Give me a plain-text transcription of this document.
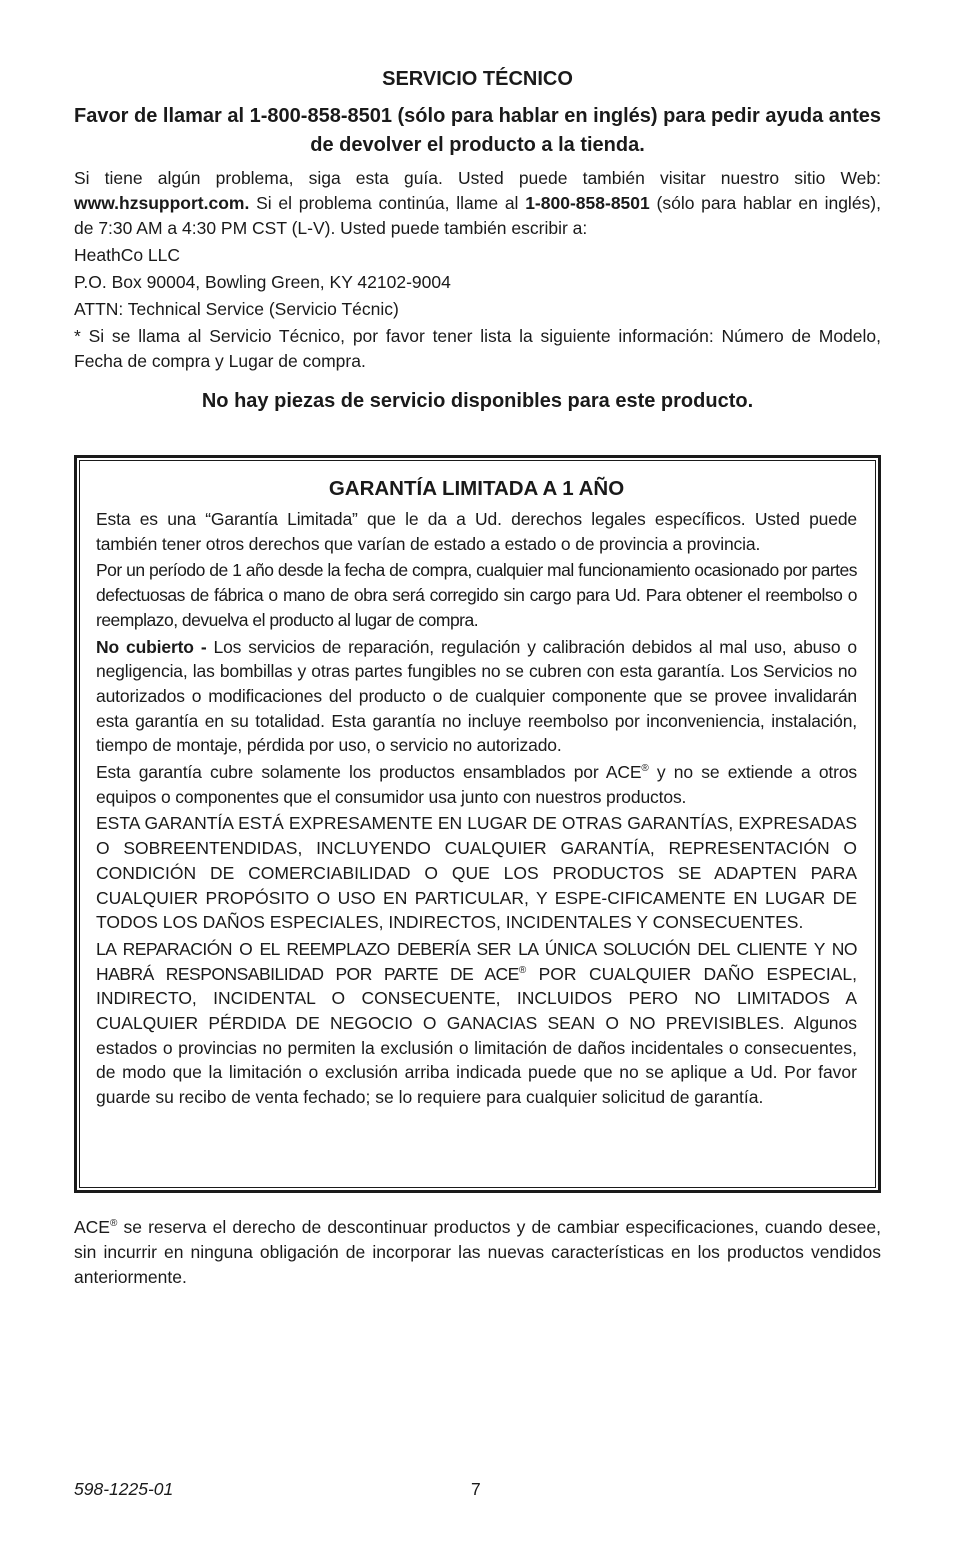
SERVICIO TÉCNICO
Favor de llamar al 1-800-858-8501 (sólo para hablar en inglés) para pedir ayuda antes de devolver el producto a la tienda.

Si tiene algún problema, siga esta guía. Usted puede también visitar nuestro sitio Web: www.hzsupport.com. Si el problema continúa, llame al 1-800-858-8501 (sólo para hablar en inglés), de 7:30 AM a 4:30 PM CST (L-V). Usted puede también escribir a:

HeathCo LLC

P.O. Box 90004, Bowling Green, KY 42102-9004

ATTN: Technical Service (Servicio Técnic)

* Si se llama al Servicio Técnico, por favor tener lista la siguiente información: Número de Modelo, Fecha de compra y Lugar de compra.

No hay piezas de servicio disponibles para este producto.
GARANTÍA LIMITADA A 1 AÑO

Esta es una “Garantía Limitada” que le da a Ud. derechos legales específicos. Usted puede también tener otros derechos que varían de estado a estado o de provincia a provincia.

Por un período de 1 año desde la fecha de compra, cualquier mal funcionamiento ocasionado por partes defectuosas de fábrica o mano de obra será corregido sin cargo para Ud. Para obtener el reembolso o reemplazo, devuelva el producto al lugar de compra.

No cubierto - Los servicios de reparación, regulación y calibración debidos al mal uso, abuso o negligencia, las bombillas y otras partes fungibles no se cubren con esta garantía. Los Servicios no autorizados o modificaciones del producto o de cualquier componente que se provee invalidarán esta garantía en su totalidad. Esta garantía no incluye reembolso por inconveniencia, instalación, tiempo de montaje, pérdida por uso, o servicio no autorizado.

Esta garantía cubre solamente los productos ensamblados por ACE® y no se extiende a otros equipos o componentes que el consumidor usa junto con nuestros productos.

ESTA GARANTÍA ESTÁ EXPRESAMENTE EN LUGAR DE OTRAS GARANTÍAS, EXPRESADAS O SOBREENTENDIDAS, INCLUYENDO CUALQUIER GARANTÍA, REPRESENTACIÓN O CONDICIÓN DE COMERCIABILIDAD O QUE LOS PRODUCTOS SE ADAPTEN PARA CUALQUIER PROPÓSITO O USO EN PARTICULAR, Y ESPE-CIFICAMENTE EN LUGAR DE TODOS LOS DAÑOS ESPECIALES, INDIRECTOS, INCIDENTALES Y CONSECUENTES.

LA REPARACIÓN O EL REEMPLAZO DEBERÍA SER LA ÚNICA SOLUCIÓN DEL CLIENTE Y NO HABRÁ RESPONSABILIDAD POR PARTE DE ACE® POR CUALQUIER DAÑO ESPECIAL, INDIRECTO, INCIDENTAL O CONSECUENTE, INCLUIDOS PERO NO LIMITADOS A CUALQUIER PÉRDIDA DE NEGOCIO O GANACIAS SEAN O NO PREVISIBLES. Algunos estados o provincias no permiten la exclusión o limitación de daños incidentales o consecuentes, de modo que la limitación o exclusión arriba indicada puede que no se aplique a Ud. Por favor guarde su recibo de venta fechado; se lo requiere para cualquier solicitud de garantía.

ACE® se reserva el derecho de descontinuar productos y de cambiar especificaciones, cuando desee, sin incurrir en ninguna obligación de incorporar las nuevas características en los productos vendidos anteriormente.

598-1225-01	7
